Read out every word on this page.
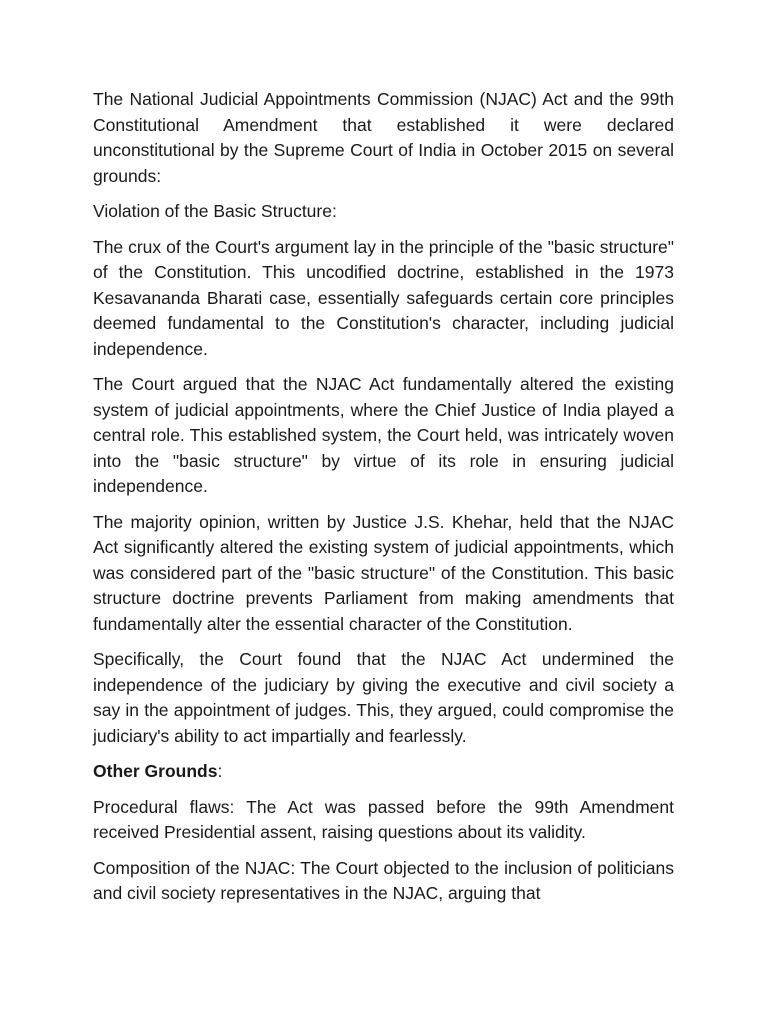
The National Judicial Appointments Commission (NJAC) Act and the 99th Constitutional Amendment that established it were declared unconstitutional by the Supreme Court of India in October 2015 on several grounds:

Violation of the Basic Structure:

The crux of the Court's argument lay in the principle of the "basic structure" of the Constitution. This uncodified doctrine, established in the 1973 Kesavananda Bharati case, essentially safeguards certain core principles deemed fundamental to the Constitution's character, including judicial independence.

The Court argued that the NJAC Act fundamentally altered the existing system of judicial appointments, where the Chief Justice of India played a central role. This established system, the Court held, was intricately woven into the "basic structure" by virtue of its role in ensuring judicial independence.

The majority opinion, written by Justice J.S. Khehar, held that the NJAC Act significantly altered the existing system of judicial appointments, which was considered part of the "basic structure" of the Constitution. This basic structure doctrine prevents Parliament from making amendments that fundamentally alter the essential character of the Constitution.

Specifically, the Court found that the NJAC Act undermined the independence of the judiciary by giving the executive and civil society a say in the appointment of judges. This, they argued, could compromise the judiciary's ability to act impartially and fearlessly.

Other Grounds:

Procedural flaws: The Act was passed before the 99th Amendment received Presidential assent, raising questions about its validity.

Composition of the NJAC: The Court objected to the inclusion of politicians and civil society representatives in the NJAC, arguing that
